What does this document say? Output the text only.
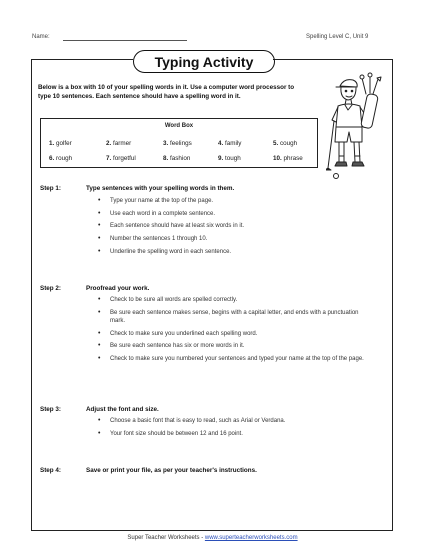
Name:	Spelling Level C, Unit 9
Typing Activity
Below is a box with 10 of your spelling words in it. Use a computer word processor to type 10 sentences. Each sentence should have a spelling word in it.
Word Box
1. golfer	2. farmer	3. feelings	4. family	5. cough
6. rough	7. forgetful	8. fashion	9. tough	10. phrase
Step 1:	Type sentences with your spelling words in them.
• Type your name at the top of the page.
• Use each word in a complete sentence.
• Each sentence should have at least six words in it.
• Number the sentences 1 through 10.
• Underline the spelling word in each sentence.
Step 2:	Proofread your work.
• Check to be sure all words are spelled correctly.
• Be sure each sentence makes sense, begins with a capital letter, and ends with a punctuation mark.
• Check to make sure you underlined each spelling word.
• Be sure each sentence has six or more words in it.
• Check to make sure you numbered your sentences and typed your name at the top of the page.
Step 3:	Adjust the font and size.
• Choose a basic font that is easy to read, such as Arial or Verdana.
• Your font size should be between 12 and 16 point.
Step 4:	Save or print your file, as per your teacher's instructions.
Super Teacher Worksheets - www.superteacherworksheets.com
